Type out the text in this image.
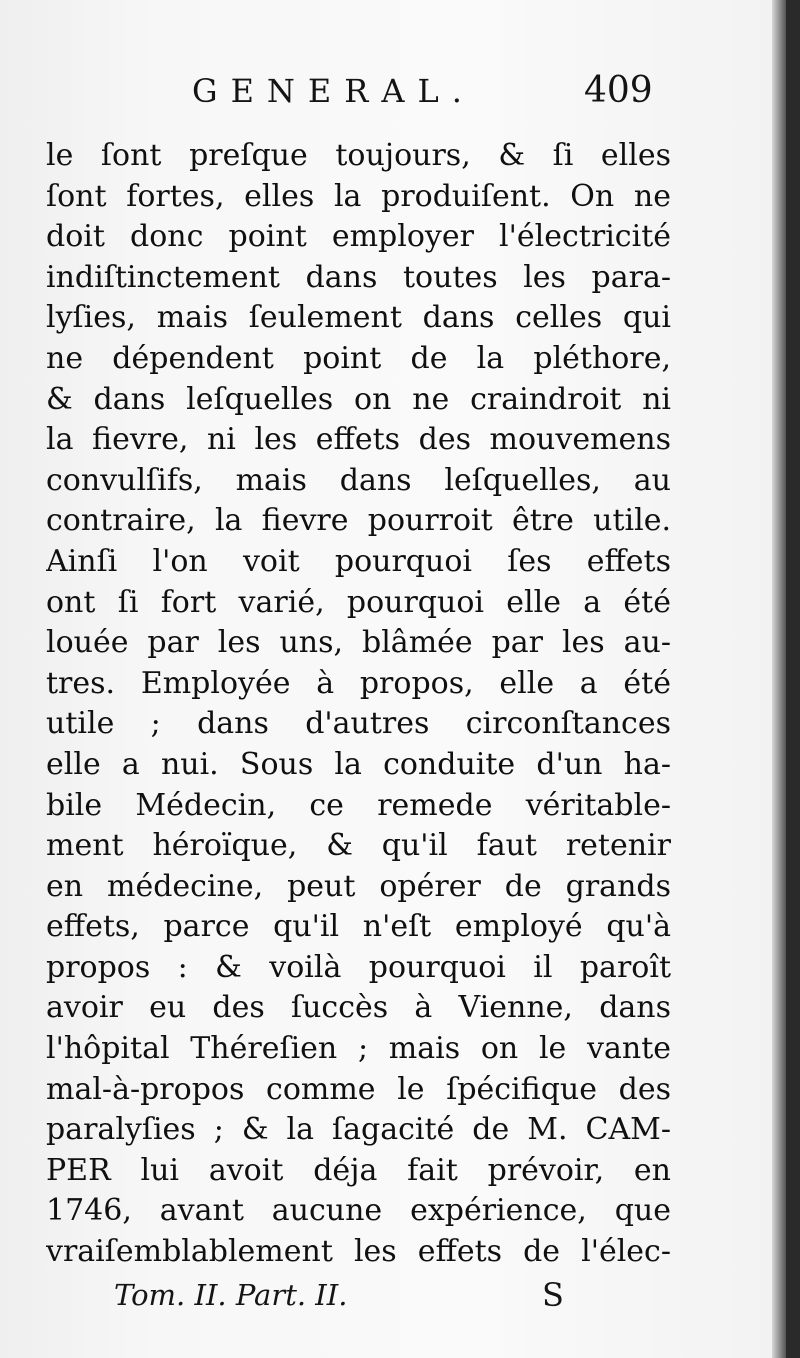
GENERAL.	409
le ſont preſque toujours, & ſi elles
ſont fortes, elles la produiſent. On ne
doit donc point employer l'électricité
indiſtinctement dans toutes les para-
lyſies, mais ſeulement dans celles qui
ne dépendent point de la pléthore,
& dans leſquelles on ne craindroit ni
la fievre, ni les effets des mouvemens
convulſifs, mais dans leſquelles, au
contraire, la fievre pourroit être utile.
Ainſi l'on voit pourquoi ſes effets
ont ſi fort varié, pourquoi elle a été
louée par les uns, blâmée par les au-
tres. Employée à propos, elle a été
utile ; dans d'autres circonſtances
elle a nui. Sous la conduite d'un ha-
bile Médecin, ce remede véritable-
ment héroïque, & qu'il faut retenir
en médecine, peut opérer de grands
effets, parce qu'il n'eſt employé qu'à
propos : & voilà pourquoi il paroît
avoir eu des ſuccès à Vienne, dans
l'hôpital Théreſien ; mais on le vante
mal-à-propos comme le ſpécifique des
paralyſies ; & la ſagacité de M. CAM-
PER lui avoit déja fait prévoir, en
1746, avant aucune expérience, que
vraiſemblablement les effets de l'élec-
Tom. II. Part. II.	S
